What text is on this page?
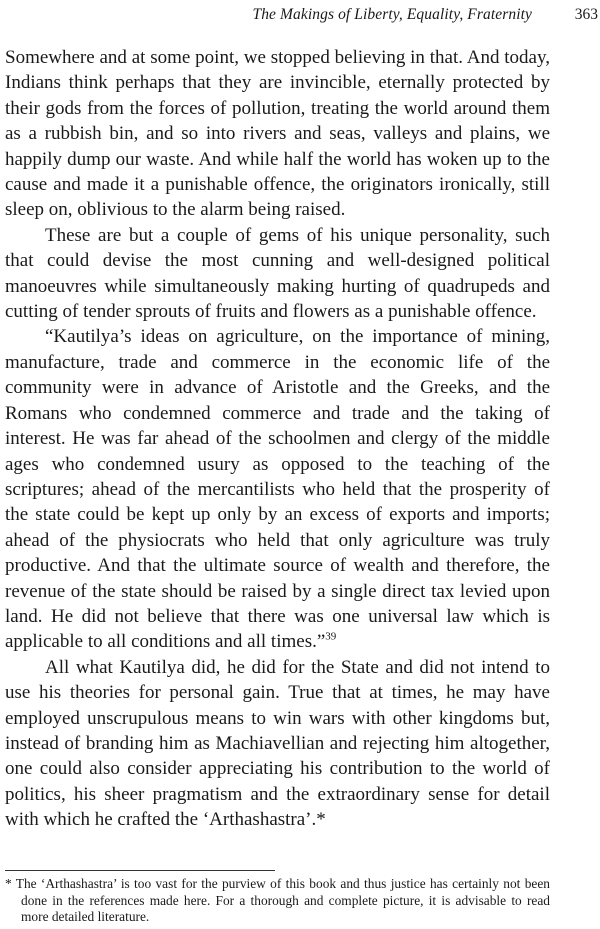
The Makings of Liberty, Equality, Fraternity	363

Somewhere and at some point, we stopped believing in that. And today, Indians think perhaps that they are invincible, eternally protected by their gods from the forces of pollution, treating the world around them as a rubbish bin, and so into rivers and seas, valleys and plains, we happily dump our waste. And while half the world has woken up to the cause and made it a punishable offence, the originators ironically, still sleep on, oblivious to the alarm being raised.

These are but a couple of gems of his unique personality, such that could devise the most cunning and well-designed political manoeuvres while simultaneously making hurting of quadrupeds and cutting of tender sprouts of fruits and flowers as a punishable offence.

“Kautilya’s ideas on agriculture, on the importance of mining, manufacture, trade and commerce in the economic life of the community were in advance of Aristotle and the Greeks, and the Romans who condemned commerce and trade and the taking of interest. He was far ahead of the schoolmen and clergy of the middle ages who condemned usury as opposed to the teaching of the scriptures; ahead of the mercantilists who held that the prosperity of the state could be kept up only by an excess of exports and imports; ahead of the physiocrats who held that only agriculture was truly productive. And that the ultimate source of wealth and therefore, the revenue of the state should be raised by a single direct tax levied upon land. He did not believe that there was one universal law which is applicable to all conditions and all times.”$^{39}$

All what Kautilya did, he did for the State and did not intend to use his theories for personal gain. True that at times, he may have employed unscrupulous means to win wars with other kingdoms but, instead of branding him as Machiavellian and rejecting him altogether, one could also consider appreciating his contribution to the world of politics, his sheer pragmatism and the extraordinary sense for detail with which he crafted the ‘Arthashastra’.*

* The ‘Arthashastra’ is too vast for the purview of this book and thus justice has certainly not been done in the references made here. For a thorough and complete picture, it is advisable to read more detailed literature.
